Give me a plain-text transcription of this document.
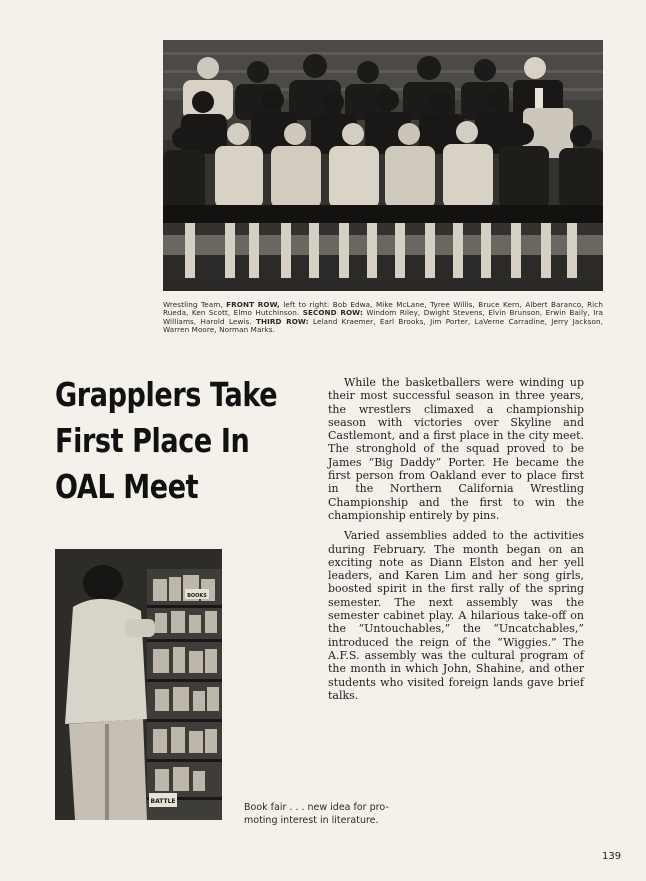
Wrestling Team, FRONT ROW, left to right: Bob Edwa, Mike McLane, Tyree Willis, Bruce Kern, Albert Baranco, Rich Rueda, Ken Scott, Elmo Hutchinson. SECOND ROW: Windom Riley, Dwight Stevens, Elvin Brunson, Erwin Baily, Ira Williams, Harold Lewis. THIRD ROW: Leland Kraemer, Earl Brooks, Jim Porter, LaVerne Carradine, Jerry Jackson, Warren Moore, Norman Marks.
Grapplers Take
First Place In
OAL Meet

While the basketballers were winding up their most successful season in three years, the wrestlers climaxed a championship season with victories over Skyline and Castlemont, and a first place in the city meet. The stronghold of the squad proved to be James “Big Daddy” Porter. He became the first person from Oakland ever to place first in the Northern California Wrestling Championship and the first to win the championship entirely by pins.

Varied assemblies added to the activities during February. The month began on an exciting note as Diann Elston and her yell leaders, and Karen Lim and her song girls, boosted spirit in the first rally of the spring semester. The next assembly was the semester cabinet play. A hilarious take-off on the “Untouchables,” the “Uncatchables,” introduced the reign of the “Wiggies.” The A.F.S. assembly was the cultural program of the month in which John, Shahine, and other students who visited foreign lands gave brief talks.

BATTLE
BOOKS
Book fair . . . new idea for pro-
moting interest in literature.
139
